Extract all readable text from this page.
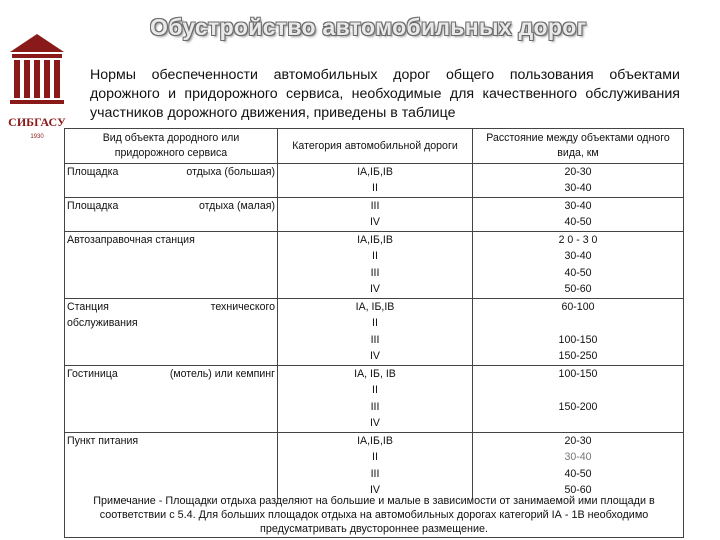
СИБГАСУ
1930
Обустройство автомобильных дорог
Нормы обеспеченности автомобильных дорог общего пользования объектами дорожного и придорожного сервиса, необходимые для качественного обслуживания участников дорожного движения, приведены в таблице
Вид объекта дородного или придорожного сервиса	Категория автомобильной дороги	Расстояние между объектами одного вида, км

Площадка отдыха (большая)	IА,IБ,IВ	20-30
	II	30-40

Площадка отдыха (малая)	III	30-40
	IV	40-50
Автозаправочная станция	IА,IБ,IВ	2 0 - 3 0
	II	30-40
	III	40-50
	IV	50-60

Станция технического	IА, IБ,IВ	60-100
обслуживания	II	
	III	100-150
	IV	150-250

Гостиница (мотель) или кемпинг	IА, IБ, IВ	100-150
	II	
	III	150-200
	IV	
Пункт питания	IА,IБ,IВ	20-30
	II	30-40
	III	40-50
	IV	50-60
Примечание - Площадки отдыха разделяют на большие и малые в зависимости от занимаемой ими площади в соответствии с 5.4. Для больших площадок отдыха на автомобильных дорогах категорий IА - 1В необходимо предусматривать двустороннее размещение.
